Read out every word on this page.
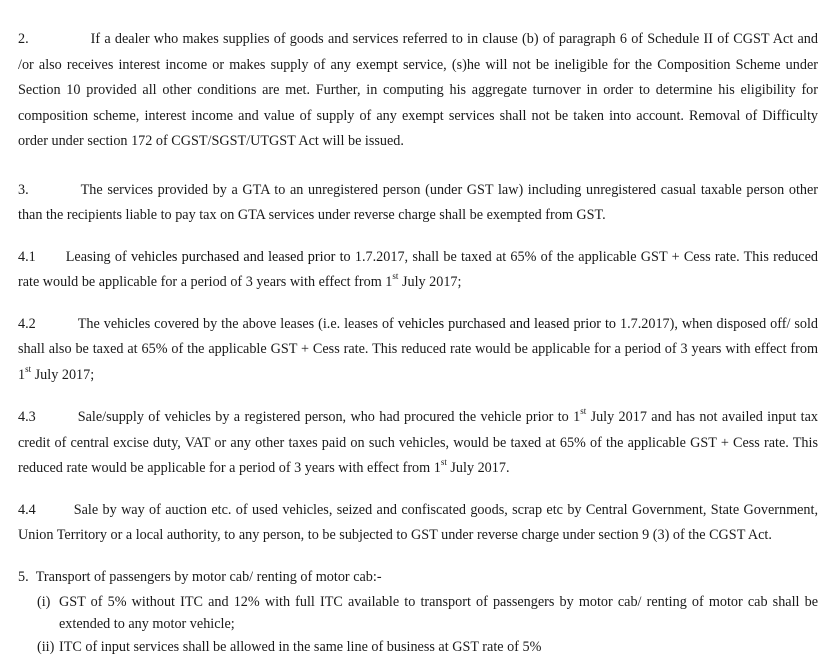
2.	If a dealer who makes supplies of goods and services referred to in clause (b) of paragraph 6 of Schedule II of CGST Act and /or also receives interest income or makes supply of any exempt service, (s)he will not be ineligible for the Composition Scheme under Section 10 provided all other conditions are met. Further, in computing his aggregate turnover in order to determine his eligibility for composition scheme, interest income and value of supply of any exempt services shall not be taken into account. Removal of Difficulty order under section 172 of CGST/SGST/UTGST Act will be issued.

3.	The services provided by a GTA to an unregistered person (under GST law) including unregistered casual taxable person other than the recipients liable to pay tax on GTA services under reverse charge shall be exempted from GST.

4.1 Leasing of vehicles purchased and leased prior to 1.7.2017, shall be taxed at 65% of the applicable GST + Cess rate. This reduced rate would be applicable for a period of 3 years with effect from 1st July 2017;

4.2	The vehicles covered by the above leases (i.e. leases of vehicles purchased and leased prior to 1.7.2017), when disposed off/ sold shall also be taxed at 65% of the applicable GST + Cess rate. This reduced rate would be applicable for a period of 3 years with effect from 1st July 2017;

4.3	Sale/supply of vehicles by a registered person, who had procured the vehicle prior to 1st July 2017 and has not availed input tax credit of central excise duty, VAT or any other taxes paid on such vehicles, would be taxed at 65% of the applicable GST + Cess rate. This reduced rate would be applicable for a period of 3 years with effect from 1st July 2017.

4.4	Sale by way of auction etc. of used vehicles, seized and confiscated goods, scrap etc by Central Government, State Government, Union Territory or a local authority, to any person, to be subjected to GST under reverse charge under section 9 (3) of the CGST Act.

5. Transport of passengers by motor cab/ renting of motor cab:-
(i) GST of 5% without ITC and 12% with full ITC available to transport of passengers by motor cab/ renting of motor cab shall be extended to any motor vehicle;
(ii) ITC of input services shall be allowed in the same line of business at GST rate of 5%
